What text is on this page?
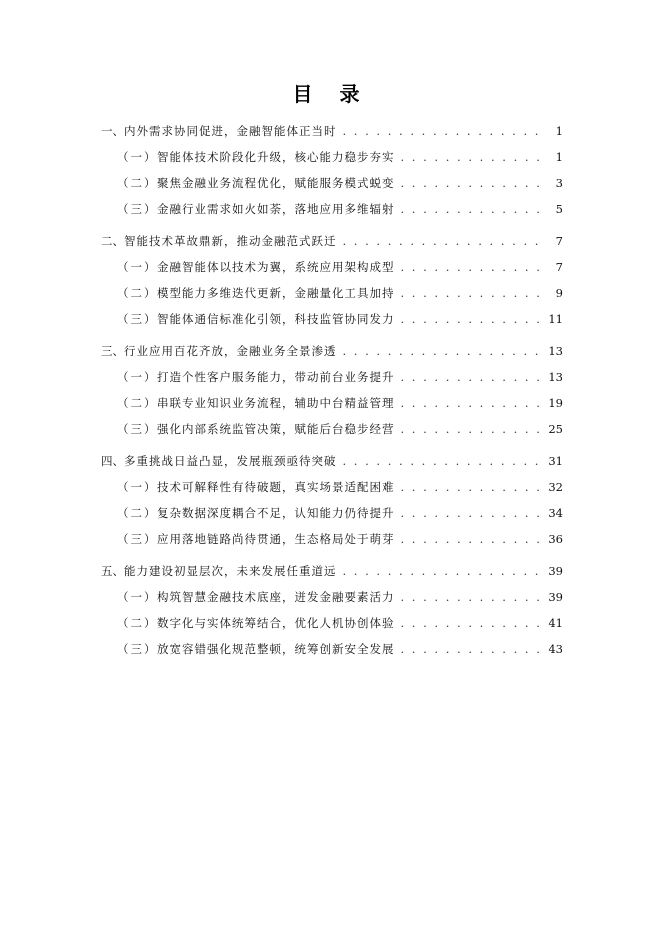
目 录
一、 内外需求协同促进，金融智能体正当时 . . .	1
（一） 智能体技术阶段化升级，核心能力稳步夯实 . . .	1
（二） 聚焦金融业务流程优化，赋能服务模式蜕变 . . .	3
（三） 金融行业需求如火如荼，落地应用多维辐射 . . .	5
二、 智能技术革故鼎新，推动金融范式跃迁 . . .	7
（一） 金融智能体以技术为翼，系统应用架构成型 . . .	7
（二） 模型能力多维迭代更新，金融量化工具加持 . . .	9
（三） 智能体通信标准化引领，科技监管协同发力 . . .	11
三、 行业应用百花齐放，金融业务全景渗透 . . .	13
（一） 打造个性客户服务能力，带动前台业务提升 . . .	13
（二） 串联专业知识业务流程，辅助中台精益管理 . . .	19
（三） 强化内部系统监管决策，赋能后台稳步经营 . . .	25
四、 多重挑战日益凸显，发展瓶颈亟待突破 . . .	31
（一） 技术可解释性有待破题，真实场景适配困难 . . .	32
（二） 复杂数据深度耦合不足，认知能力仍待提升 . . .	34
（三） 应用落地链路尚待贯通，生态格局处于萌芽 . . .	36
五、 能力建设初显层次，未来发展任重道远 . . .	39
（一） 构筑智慧金融技术底座，迸发金融要素活力 . . .	39
（二） 数字化与实体统筹结合，优化人机协创体验 . . .	41
（三） 放宽容错强化规范整顿，统筹创新安全发展 . . .	43
